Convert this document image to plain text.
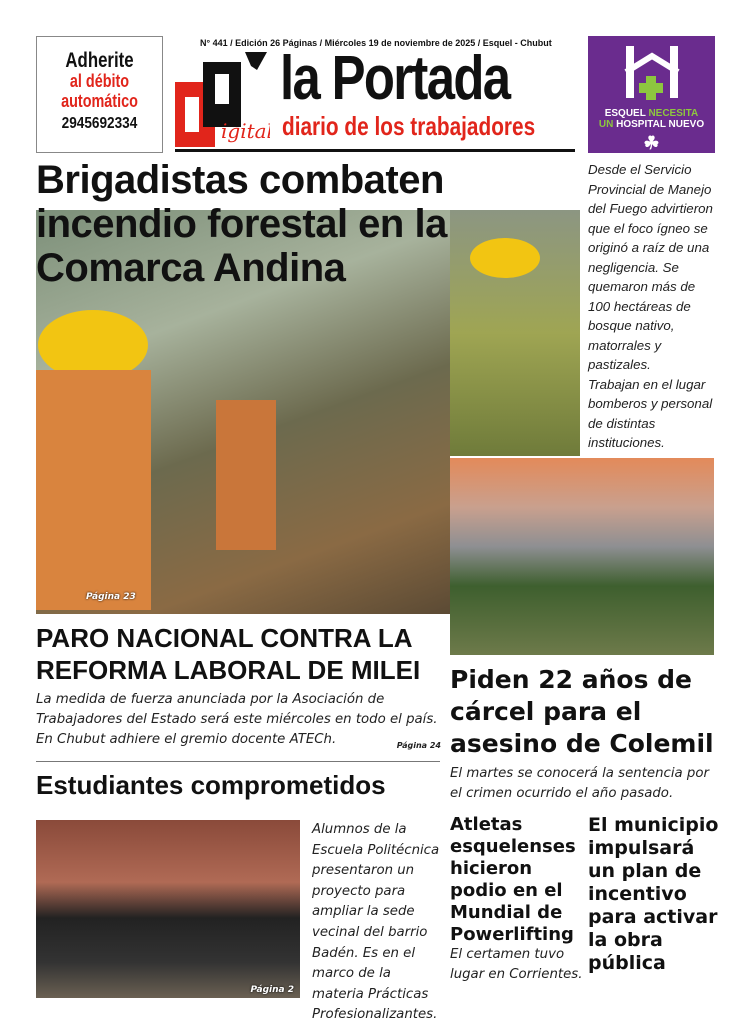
Adherite
al débito
automático
2945692334
N° 441 / Edición 26 Páginas / Miércoles 19 de noviembre de 2025 / Esquel - Chubut
igital
la Portada
diario de los trabajadores	ESQUEL NECESITA
UN HOSPITAL NUEVO
☘
Página 23
Brigadistas combaten incendio forestal en la Comarca Andina
Desde el Servicio Provincial de Manejo del Fuego advirtieron que el foco ígneo se originó a raíz de una negligencia. Se quemaron más de 100 hectáreas de bosque nativo, matorrales y pastizales.
Trabajan en el lugar bomberos y personal de distintas instituciones.
PARO NACIONAL CONTRA LA REFORMA LABORAL DE MILEI
La medida de fuerza anunciada por la Asociación de Trabajadores del Estado será este miércoles en todo el país. En Chubut adhiere el gremio docente ATECh.	Página 24
Estudiantes comprometidos
Página 2
Alumnos de la Escuela Politécnica presentaron un proyecto para ampliar la sede vecinal del barrio Badén. Es en el marco de la materia Prácticas Profesionalizantes.
Piden 22 años de cárcel para el asesino de Colemil
El martes se conocerá la sentencia por el crimen ocurrido el año pasado.
Atletas esquelenses hicieron podio en el Mundial de Powerlifting
El certamen tuvo lugar en Corrientes.
El municipio impulsará un plan de incentivo para activar la obra pública
